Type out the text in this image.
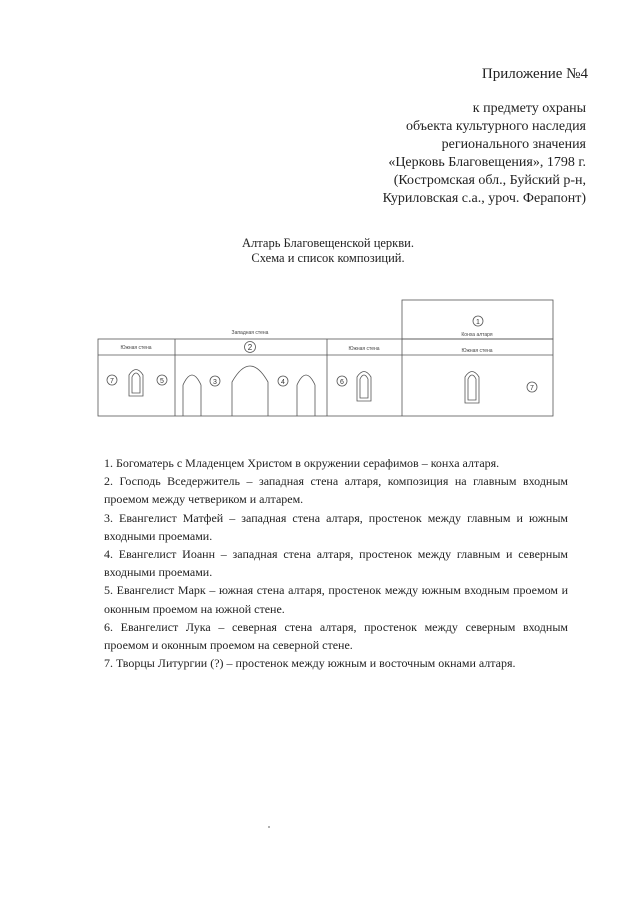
Приложение №4
к предмету охраны
объекта культурного наследия
регионального значения
«Церковь Благовещения», 1798 г.
(Костромская обл., Буйский р-н,
Куриловская с.а., уроч. Ферапонт)
Алтарь Благовещенской церкви.
Схема и список композиций.
Южная стена
Западная стена
Южная стена
Конха алтаря
Южная стена
1
2
3	4
5	6
7
7

1. Богоматерь с Младенцем Христом в окружении серафимов – конха алтаря.

2. Господь Вседержитель – западная стена алтаря, композиция на главным входным проемом между четвериком и алтарем.

3. Евангелист Матфей – западная стена алтаря, простенок между главным и южным входными проемами.

4. Евангелист Иоанн – западная стена алтаря, простенок между главным и северным входными проемами.

5. Евангелист Марк – южная стена алтаря, простенок между южным входным проемом и оконным проемом на южной стене.

6. Евангелист Лука – северная стена алтаря, простенок между северным входным проемом и оконным проемом на северной стене.

7. Творцы Литургии (?) – простенок между южным и восточным окнами алтаря.
